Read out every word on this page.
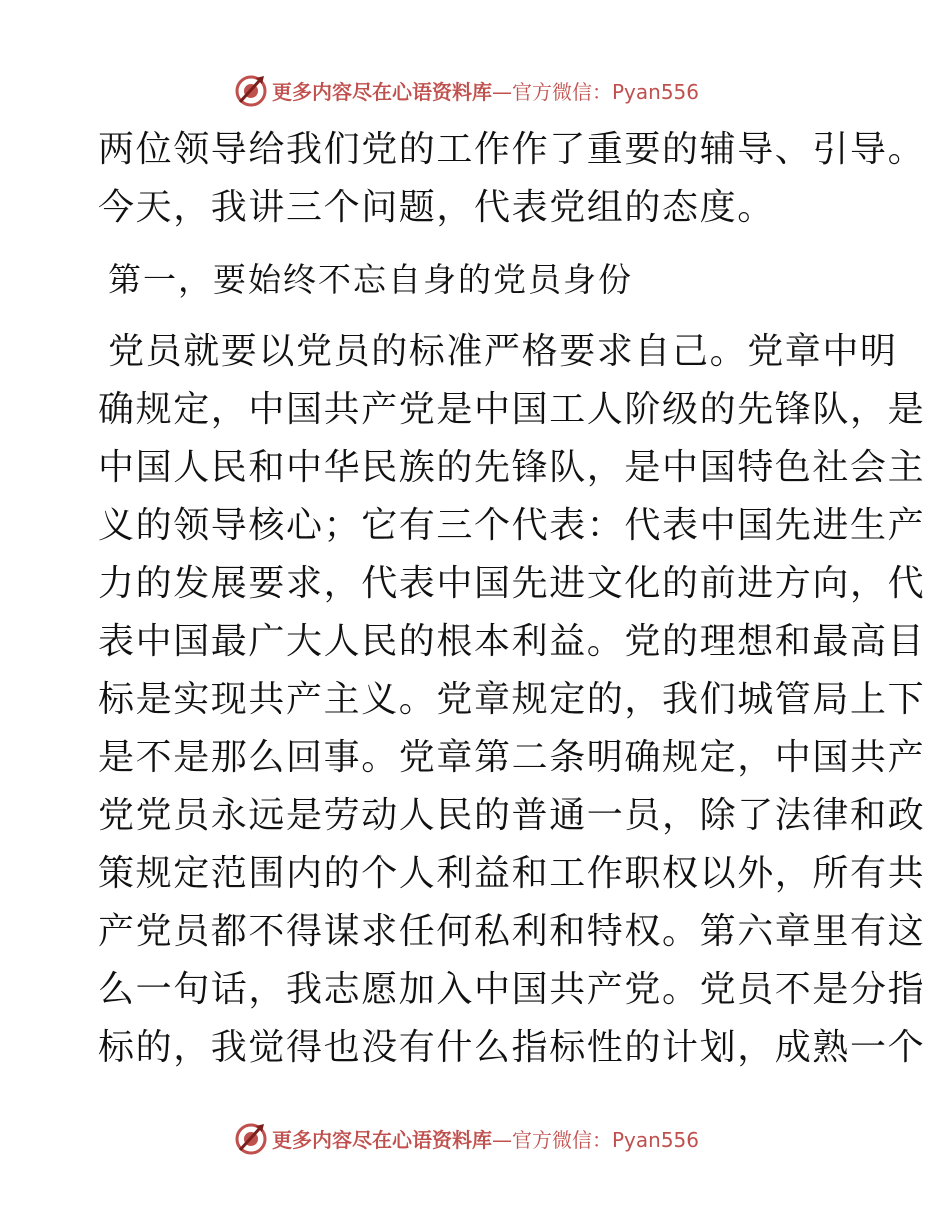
更多内容尽在心语资料库—官方微信：Pyan556
两位领导给我们党的工作作了重要的辅导、引导。
今天，我讲三个问题，代表党组的态度。
第一，要始终不忘自身的党员身份
党员就要以党员的标准严格要求自己。党章中明
确规定，中国共产党是中国工人阶级的先锋队，是
中国人民和中华民族的先锋队，是中国特色社会主
义的领导核心；它有三个代表：代表中国先进生产
力的发展要求，代表中国先进文化的前进方向，代
表中国最广大人民的根本利益。党的理想和最高目
标是实现共产主义。党章规定的，我们城管局上下
是不是那么回事。党章第二条明确规定，中国共产
党党员永远是劳动人民的普通一员，除了法律和政
策规定范围内的个人利益和工作职权以外，所有共
产党员都不得谋求任何私利和特权。第六章里有这
么一句话，我志愿加入中国共产党。党员不是分指
标的，我觉得也没有什么指标性的计划，成熟一个
更多内容尽在心语资料库—官方微信：Pyan556
